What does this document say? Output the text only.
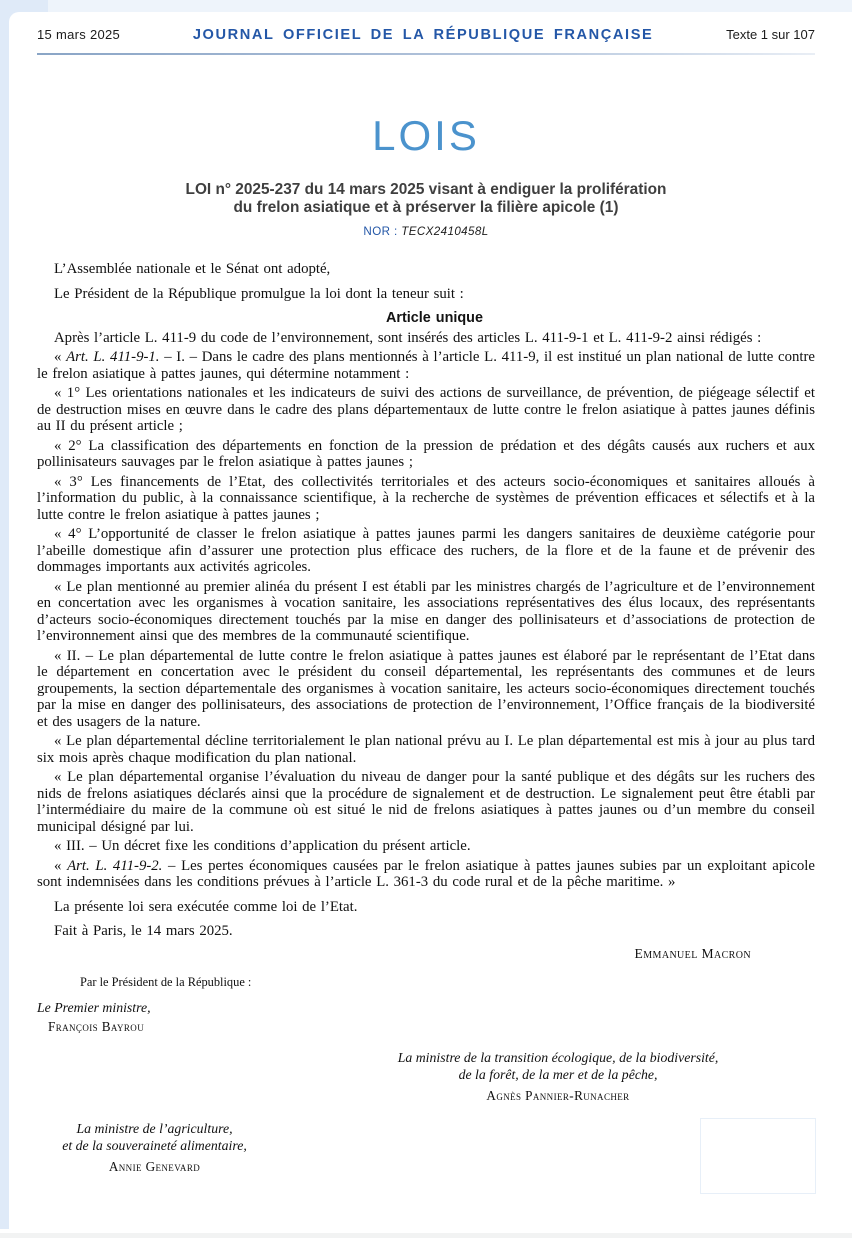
15 mars 2025	JOURNAL OFFICIEL DE LA RÉPUBLIQUE FRANÇAISE	Texte 1 sur 107
LOIS
LOI n° 2025-237 du 14 mars 2025 visant à endiguer la prolifération
du frelon asiatique et à préserver la filière apicole (1)
NOR : TECX2410458L

L’Assemblée nationale et le Sénat ont adopté,

Le Président de la République promulgue la loi dont la teneur suit :

Article unique

Après l’article L. 411-9 du code de l’environnement, sont insérés des articles L. 411-9-1 et L. 411-9-2 ainsi rédigés :

« Art. L. 411-9-1. – I. – Dans le cadre des plans mentionnés à l’article L. 411-9, il est institué un plan national de lutte contre le frelon asiatique à pattes jaunes, qui détermine notamment :

« 1° Les orientations nationales et les indicateurs de suivi des actions de surveillance, de prévention, de piégeage sélectif et de destruction mises en œuvre dans le cadre des plans départementaux de lutte contre le frelon asiatique à pattes jaunes définis au II du présent article ;

« 2° La classification des départements en fonction de la pression de prédation et des dégâts causés aux ruchers et aux pollinisateurs sauvages par le frelon asiatique à pattes jaunes ;

« 3° Les financements de l’Etat, des collectivités territoriales et des acteurs socio-économiques et sanitaires alloués à l’information du public, à la connaissance scientifique, à la recherche de systèmes de prévention efficaces et sélectifs et à la lutte contre le frelon asiatique à pattes jaunes ;

« 4° L’opportunité de classer le frelon asiatique à pattes jaunes parmi les dangers sanitaires de deuxième catégorie pour l’abeille domestique afin d’assurer une protection plus efficace des ruchers, de la flore et de la faune et de prévenir des dommages importants aux activités agricoles.

« Le plan mentionné au premier alinéa du présent I est établi par les ministres chargés de l’agriculture et de l’environnement en concertation avec les organismes à vocation sanitaire, les associations représentatives des élus locaux, des représentants d’acteurs socio-économiques directement touchés par la mise en danger des pollinisateurs et d’associations de protection de l’environnement ainsi que des membres de la communauté scientifique.

« II. – Le plan départemental de lutte contre le frelon asiatique à pattes jaunes est élaboré par le représentant de l’Etat dans le département en concertation avec le président du conseil départemental, les représentants des communes et de leurs groupements, la section départementale des organismes à vocation sanitaire, les acteurs socio-économiques directement touchés par la mise en danger des pollinisateurs, des associations de protection de l’environnement, l’Office français de la biodiversité et des usagers de la nature.

« Le plan départemental décline territorialement le plan national prévu au I. Le plan départemental est mis à jour au plus tard six mois après chaque modification du plan national.

« Le plan départemental organise l’évaluation du niveau de danger pour la santé publique et des dégâts sur les ruchers des nids de frelons asiatiques déclarés ainsi que la procédure de signalement et de destruction. Le signalement peut être établi par l’intermédiaire du maire de la commune où est situé le nid de frelons asiatiques à pattes jaunes ou d’un membre du conseil municipal désigné par lui.

« III. – Un décret fixe les conditions d’application du présent article.

« Art. L. 411-9-2. – Les pertes économiques causées par le frelon asiatique à pattes jaunes subies par un exploitant apicole sont indemnisées dans les conditions prévues à l’article L. 361-3 du code rural et de la pêche maritime. »

La présente loi sera exécutée comme loi de l’Etat.

Fait à Paris, le 14 mars 2025.

Emmanuel Macron
Par le Président de la République :
Le Premier ministre,
François Bayrou
La ministre de la transition écologique, de la biodiversité,
de la forêt, de la mer et de la pêche,
Agnès Pannier-Runacher
La ministre de l’agriculture,
et de la souveraineté alimentaire,
Annie Genevard
